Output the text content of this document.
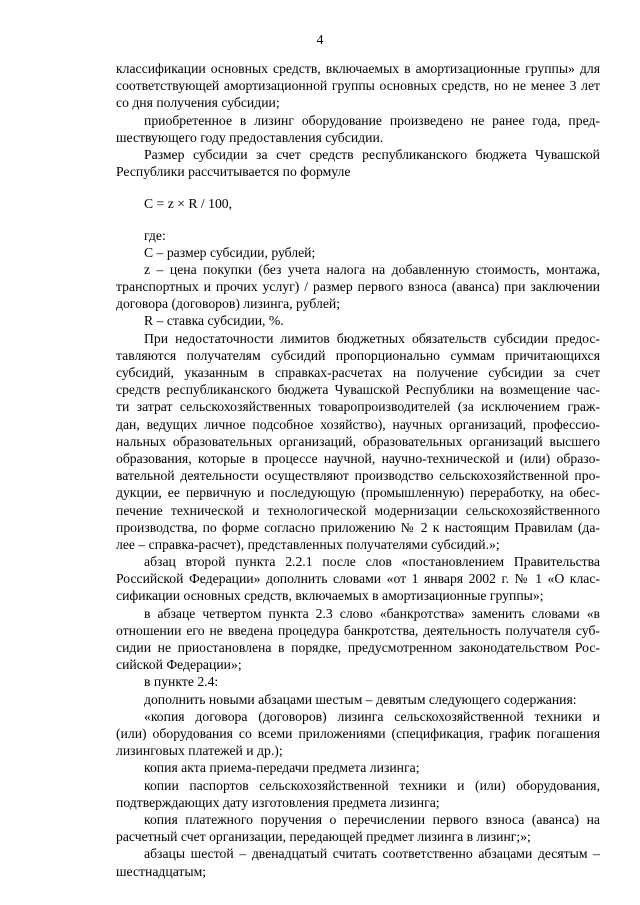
4
классификации основных средств, включаемых в амортизационные группы» для
соответствующей амортизационной группы основных средств, но не менее 3 лет
со дня получения субсидии;
приобретенное в лизинг оборудование произведено не ранее года, пред-
шествующего году предоставления субсидии.
Размер субсидии за счет средств республиканского бюджета Чувашской
Республики рассчитывается по формуле
C = z × R / 100,
где:
C – размер субсидии, рублей;
z – цена покупки (без учета налога на добавленную стоимость, монтажа,
транспортных и прочих услуг) / размер первого взноса (аванса) при заключении
договора (договоров) лизинга, рублей;
R – ставка субсидии, %.
При недостаточности лимитов бюджетных обязательств субсидии предос-
тавляются получателям субсидий пропорционально суммам причитающихся
субсидий, указанным в справках-расчетах на получение субсидии за счет
средств республиканского бюджета Чувашской Республики на возмещение час-
ти затрат сельскохозяйственных товаропроизводителей (за исключением граж-
дан, ведущих личное подсобное хозяйство), научных организаций, профессио-
нальных образовательных организаций, образовательных организаций высшего
образования, которые в процессе научной, научно-технической и (или) образо-
вательной деятельности осуществляют производство сельскохозяйственной про-
дукции, ее первичную и последующую (промышленную) переработку, на обес-
печение технической и технологической модернизации сельскохозяйственного
производства, по форме согласно приложению № 2 к настоящим Правилам (да-
лее – справка-расчет), представленных получателями субсидий.»;
абзац второй пункта 2.2.1 после слов «постановлением Правительства
Российской Федерации» дополнить словами «от 1 января 2002 г. № 1 «О клас-
сификации основных средств, включаемых в амортизационные группы»;
в абзаце четвертом пункта 2.3 слово «банкротства» заменить словами «в
отношении его не введена процедура банкротства, деятельность получателя суб-
сидии не приостановлена в порядке, предусмотренном законодательством Рос-
сийской Федерации»;
в пункте 2.4:
дополнить новыми абзацами шестым – девятым следующего содержания:
«копия договора (договоров) лизинга сельскохозяйственной техники и
(или) оборудования со всеми приложениями (спецификация, график погашения
лизинговых платежей и др.);
копия акта приема-передачи предмета лизинга;
копии паспортов сельскохозяйственной техники и (или) оборудования,
подтверждающих дату изготовления предмета лизинга;
копия платежного поручения о перечислении первого взноса (аванса) на
расчетный счет организации, передающей предмет лизинга в лизинг;»;
абзацы шестой – двенадцатый считать соответственно абзацами десятым –
шестнадцатым;
